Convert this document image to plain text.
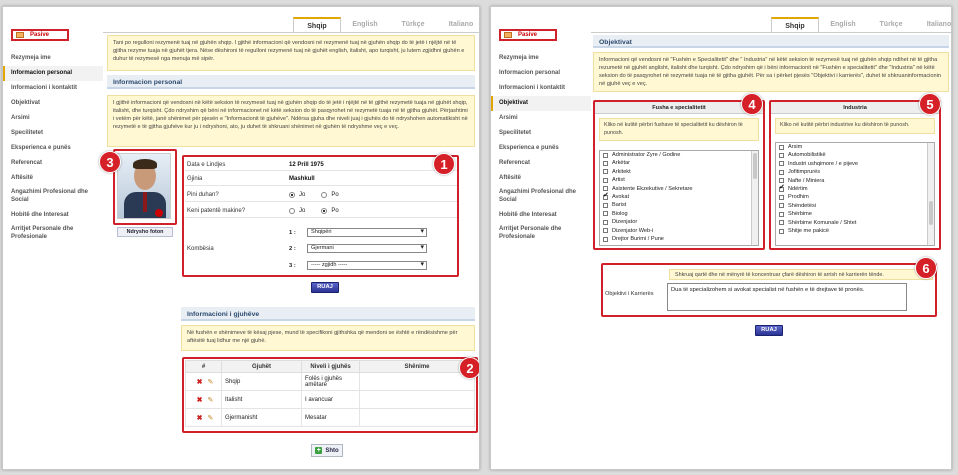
Pasive
Rezymeja ime
Informacion personal
Informacioni i kontaktit
Objektivat
Arsimi
Specilitetet
Eksperienca e punës
Referencat
Aftësitë
Angazhimi Profesional dhe Social
Hobitë dhe Interesat
Arritjet Personale dhe Profesionale
Shqip	English	Türkçe	Italiano
Tani po regulloni rezymenë tuaj në gjuhën shqip. I gjithë informacioni që vendosni në rezymenë tuaj në gjuhën shqip do të jetë i njëjtë në të gjitha rezyme tuaja në gjuhët tjera. Nëse dëshironi të regulloni rezymenë tuaj në gjuhët english, italisht, apo turqisht, ju lutem zgjidhni gjuhën e duhur të rezymesë nga menuja më sipër.
Informacion personal
I gjithë informacioni që vendosni në këtë seksion të rezymesë tuaj në gjuhën shqip do të jetë i njëjtë në të gjithë rezymetë tuaja në gjuhët shqip, italisht, dhe turqisht. Çdo ndryshim që bëni në informacionet në këtë seksion do të pasqyrohet në rezymetë tuaja në të gjitha gjuhët. Përjashtimi i vetëm për këtë, janë shënimet për pjesën e "Informacionit të gjuhëve". Ndërsa gjuha dhe niveli juaj i gjuhës do të ndryshohen automatikisht në rezymetë e të gjitha gjuhëve kur ju i ndryshoni, ato, ju duhet të shkruani shënimet në gjuhën të ndryshme veç e veç.
Informacioni i gjuhëve
Në fushën e shënimeve të kësaj pjese, mund të specifikoni gjithshka që mendoni se është e rëndësishme për aftësitë tuaj lidhur me një gjuhë.
Ndrysho foton
Data e Lindjes	12 Prill 1975
Gjinia	Mashkull
Pini duhan?	Jo	Po
Keni patentë makine?	Jo	Po
Kombësia
1 :	Shqipëri ▾
2 :	Gjermani ▾
3 :	----- zgjidh ----- ▾
RUAJ
#	Gjuhët	Niveli i gjuhës	Shënime
✖ ✎	Shqip	Folës i gjuhës amëtare	
✖ ✎	Italisht	I avancuar	
✖ ✎	Gjermanisht	Mesatar	
+ Shto
1
2
3
Pasive
Rezymeja ime
Informacion personal
Informacioni i kontaktit
Objektivat
Arsimi
Specilitetet
Eksperienca e punës
Referencat
Aftësitë
Angazhimi Profesional dhe Social
Hobitë dhe Interesat
Arritjet Personale dhe Profesionale
Shqip	English	Türkçe	Italiano
Objektivat
Informacioni që vendosni në "Fushën e Specialitetit" dhe " Industria" në këtë seksion të rezymesë tuaj në gjuhën shqip ndihet në të gjitha rezumetë në gjuhët anglisht, italisht dhe turqisht. Çdo ndryshim që i bëni informacionit në "Fushën e specialitetit" dhe "Industria" në këtë seksion do të pasqyrohet në rezymetë tuaja në të gjitha gjuhët. Për sa i përket pjesës "Objektivi i karrierës", duhet të shkruaninformacionin në gjuhë veç e veç.
Fusha e specialitetit
Kliko në kutitë përbri fushave të specialitetit ku dëshiron të punosh.
Administrator Zyre / Godine
Arkëtar
Arkitekt
Artist
Asistente Ekzekutive / Sekretare
✔
Avokat
Barist
Biolog
Dizenjator
Dizenjator Web-i
Drejtor Burimi / Pune
Industria
Kliko në kutitë përbri industrive ku dëshiron të punosh.
Arsim
Automobilistikë
Industri ushqimore / e pijeve
Jofitimprurës
Nafte / Miniera
✔
Ndërtim
Prodhim
Shëndetësi
Shërbime
Shërbime Komunale / Shtet
Shitje me pakicë
Shkruaj qartë dhe në mënyrë të koncentruar çfarë dëshiron të arrish në karrierën tënde.
Objektivi i Karrierës
Dua të specializohem si avokat specialist në fushën e të drejtave të pronës.
RUAJ
4	5
6
